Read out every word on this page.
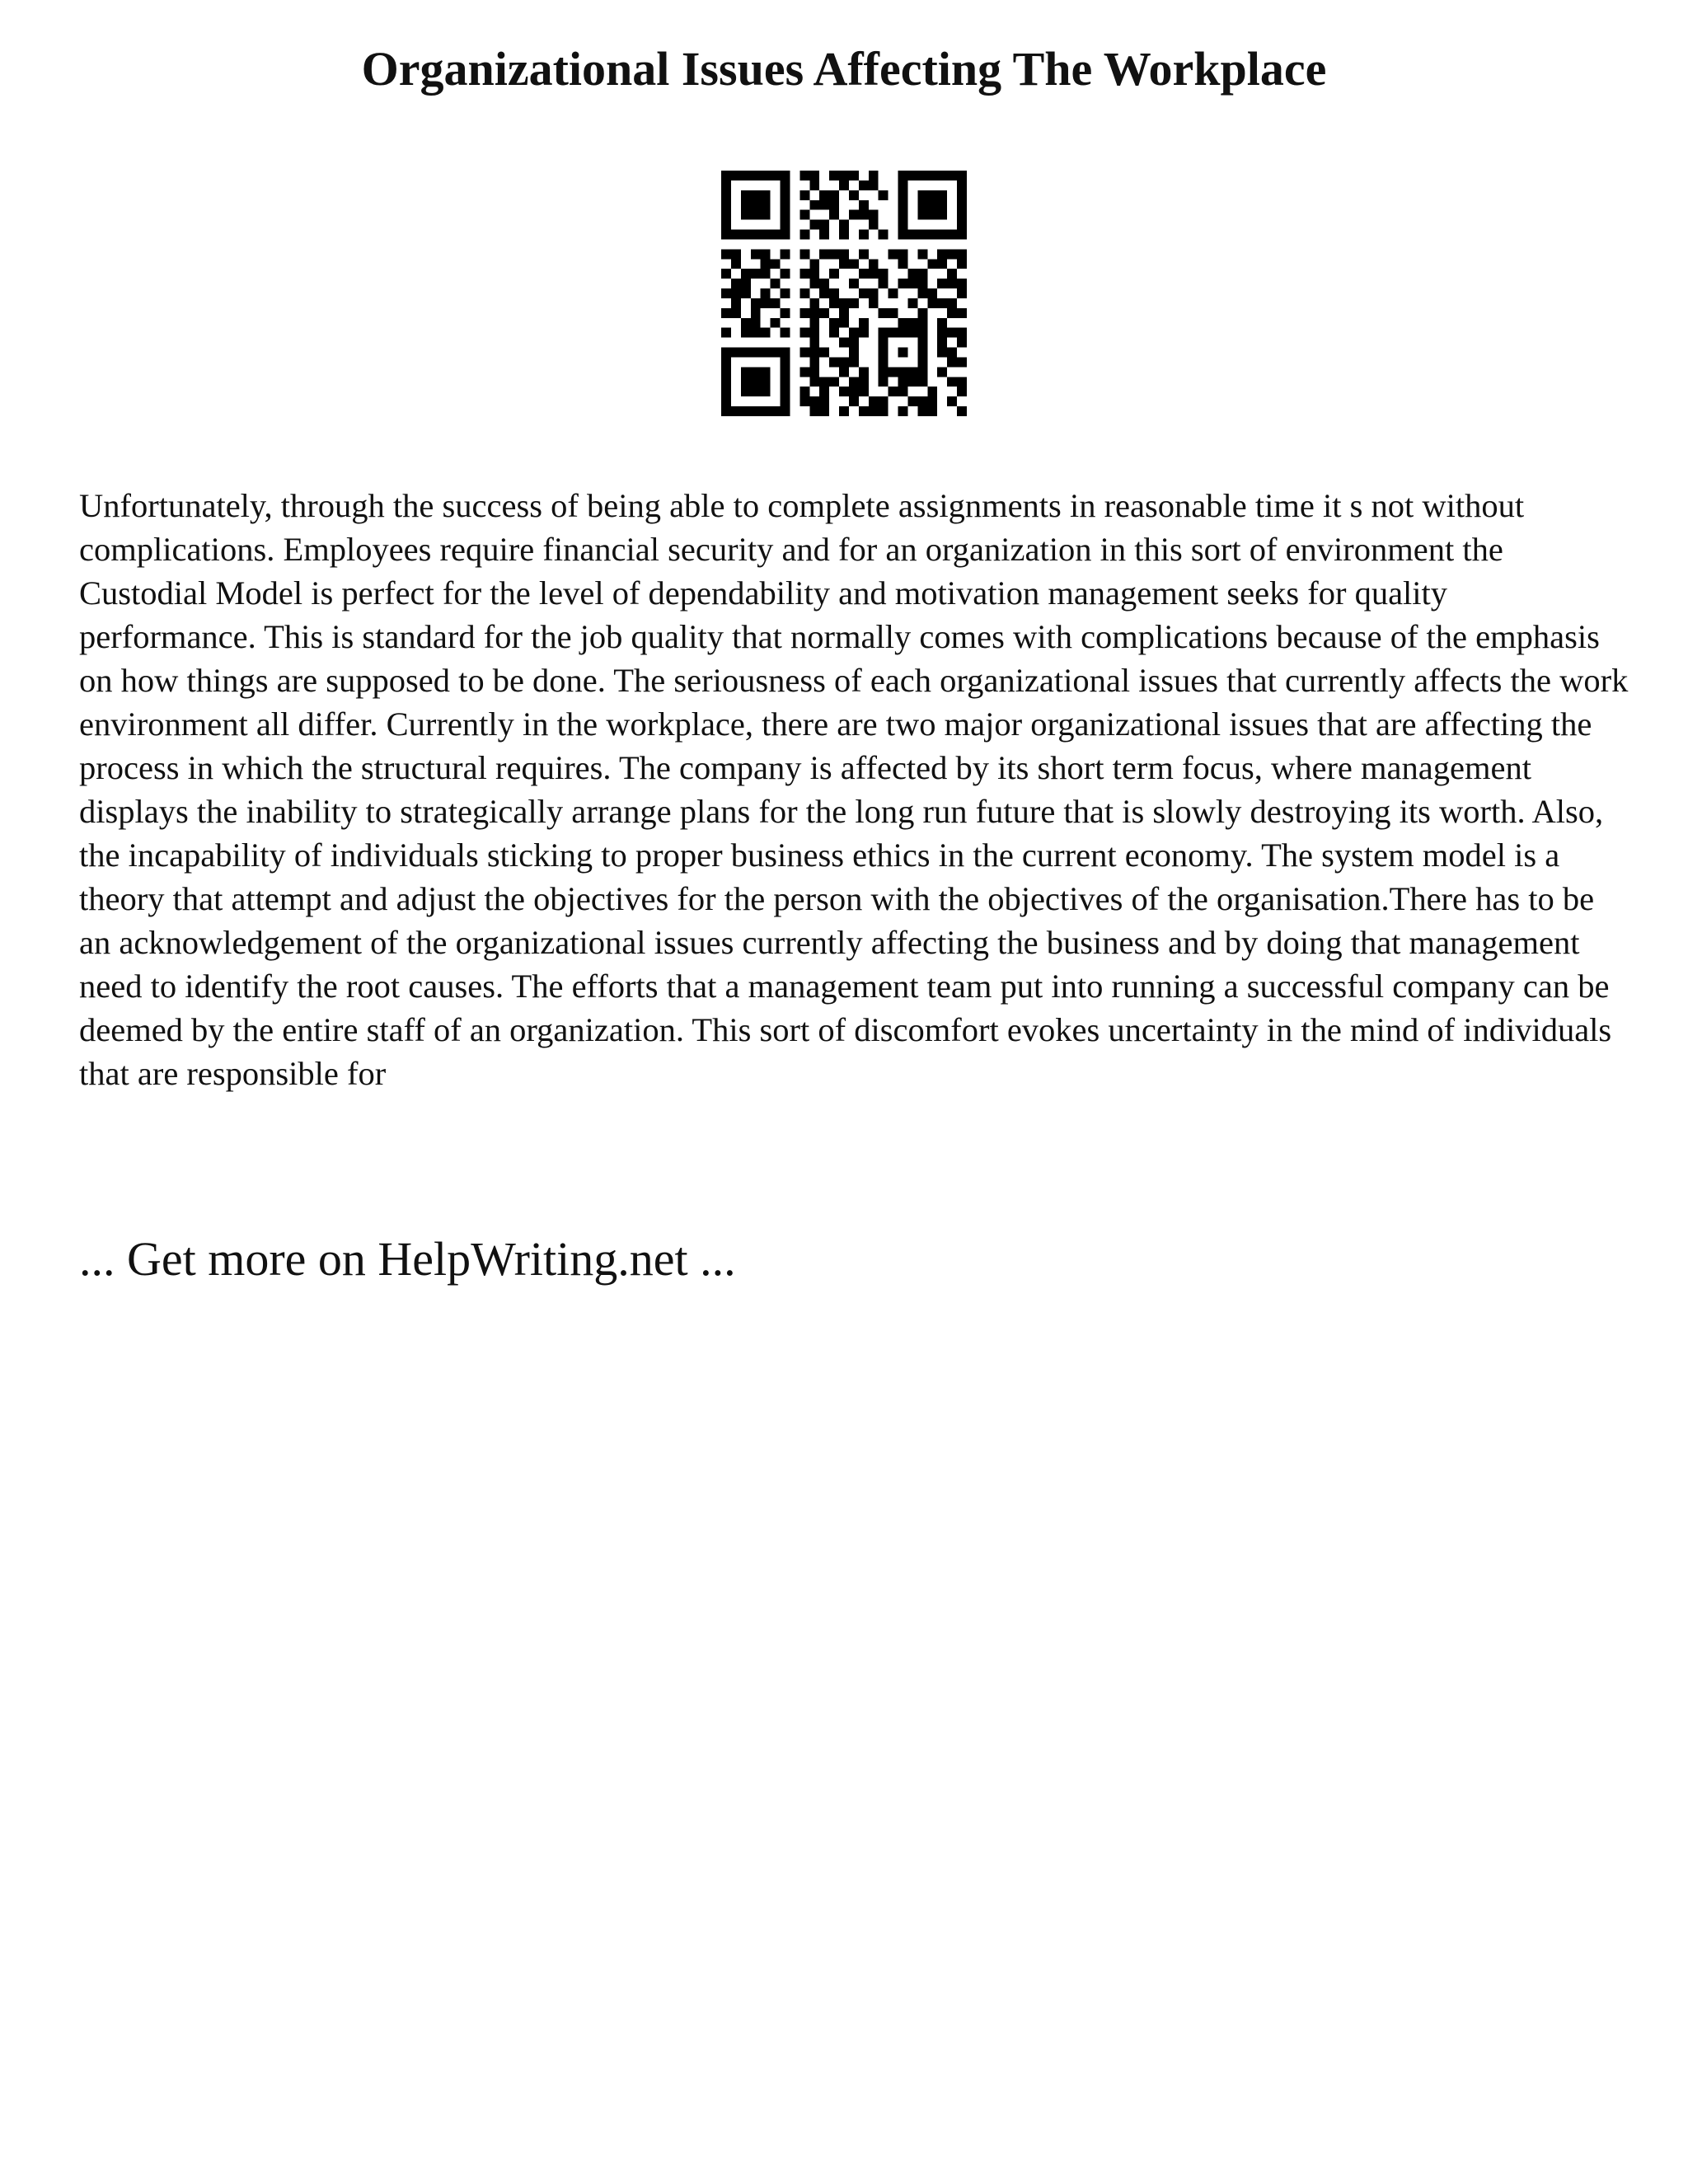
Organizational Issues Affecting The Workplace

Unfortunately, through the success of being able to complete assignments in reasonable time it s not without complications. Employees require financial security and for an organization in this sort of environment the Custodial Model is perfect for the level of dependability and motivation management seeks for quality performance. This is standard for the job quality that normally comes with complications because of the emphasis on how things are supposed to be done. The seriousness of each organizational issues that currently affects the work environment all differ. Currently in the workplace, there are two major organizational issues that are affecting the process in which the structural requires. The company is affected by its short term focus, where management displays the inability to strategically arrange plans for the long run future that is slowly destroying its worth. Also, the incapability of individuals sticking to proper business ethics in the current economy. The system model is a theory that attempt and adjust the objectives for the person with the objectives of the organisation.There has to be an acknowledgement of the organizational issues currently affecting the business and by doing that management need to identify the root causes. The efforts that a management team put into running a successful company can be deemed by the entire staff of an organization. This sort of discomfort evokes uncertainty in the mind of individuals that are responsible for

... Get more on HelpWriting.net ...
